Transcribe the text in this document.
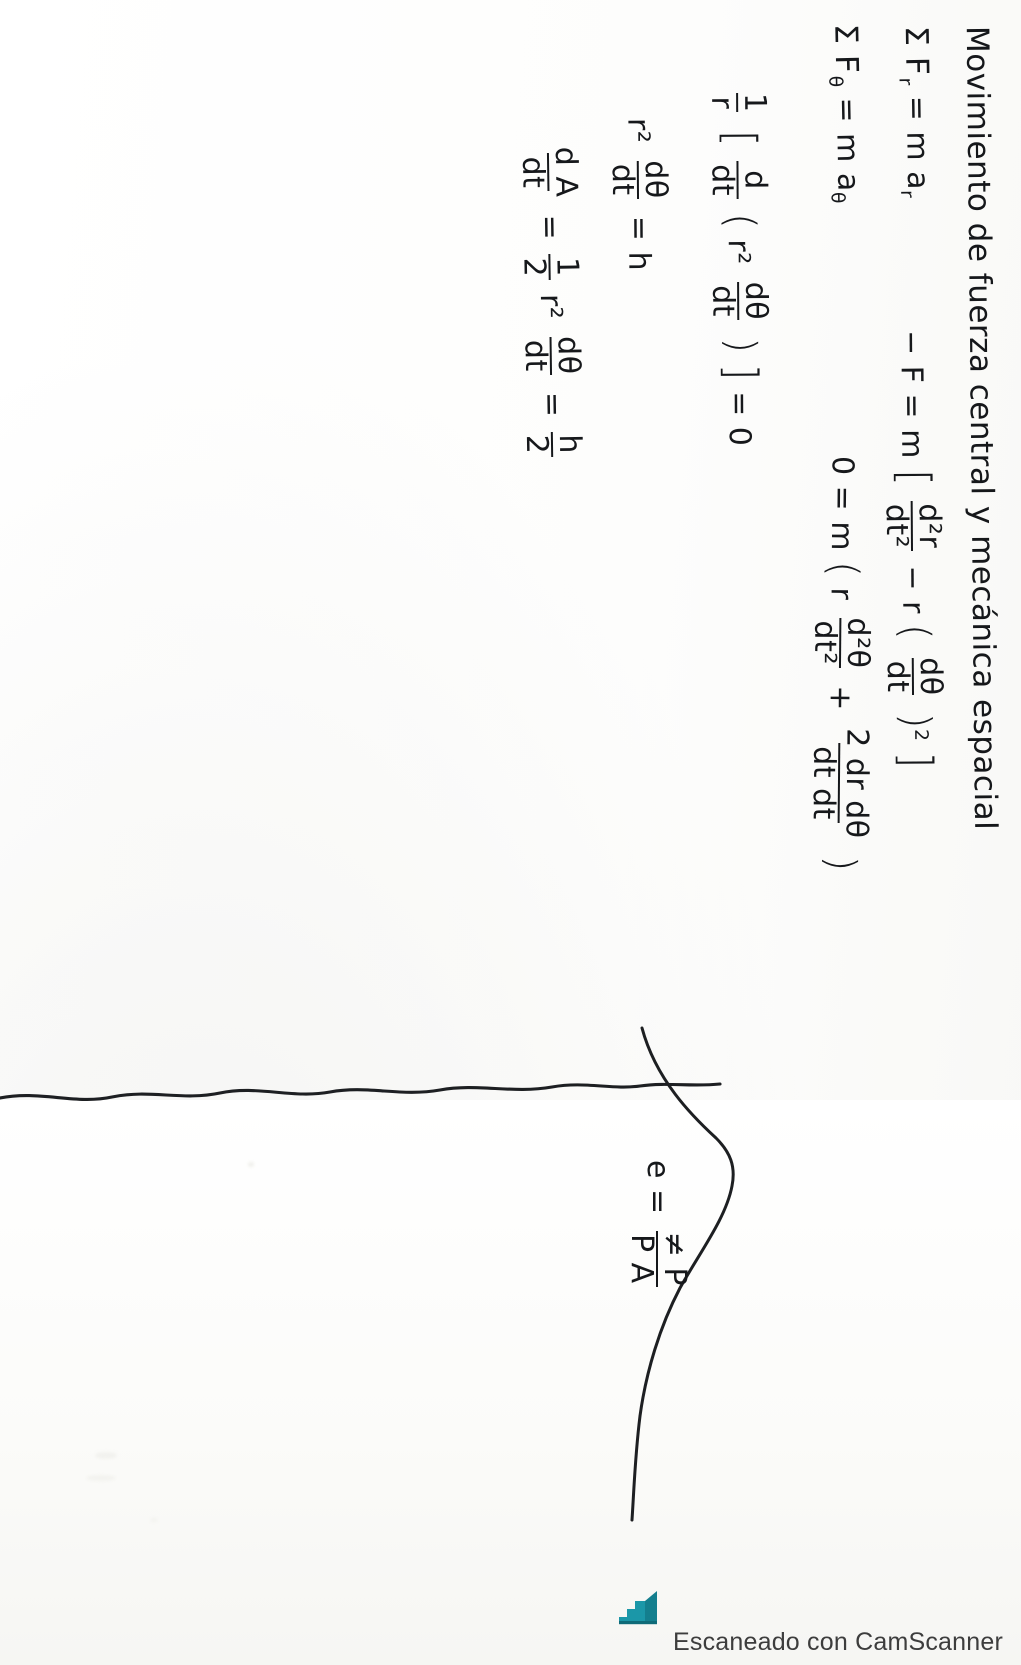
Movimiento de fuerza central y mecánica espacial
Σ $F_r = m$ $a_r$
− F = m [
d²r
dt²
− r (
dθ
dt
)$^2$ ]
Σ $F_\theta = m$ $a_\theta$
0 = m ( r
d²θ
dt²
+
2 dr dθ
dt dt
)
1
r
[
d
dt
( r²
dθ
dt
) ] = 0
r²
dθ
dt
= h
d A
dt
=
1
2
r²
dθ
dt
=
h
2
e =
≠ P
P A
Escaneado con CamScanner
